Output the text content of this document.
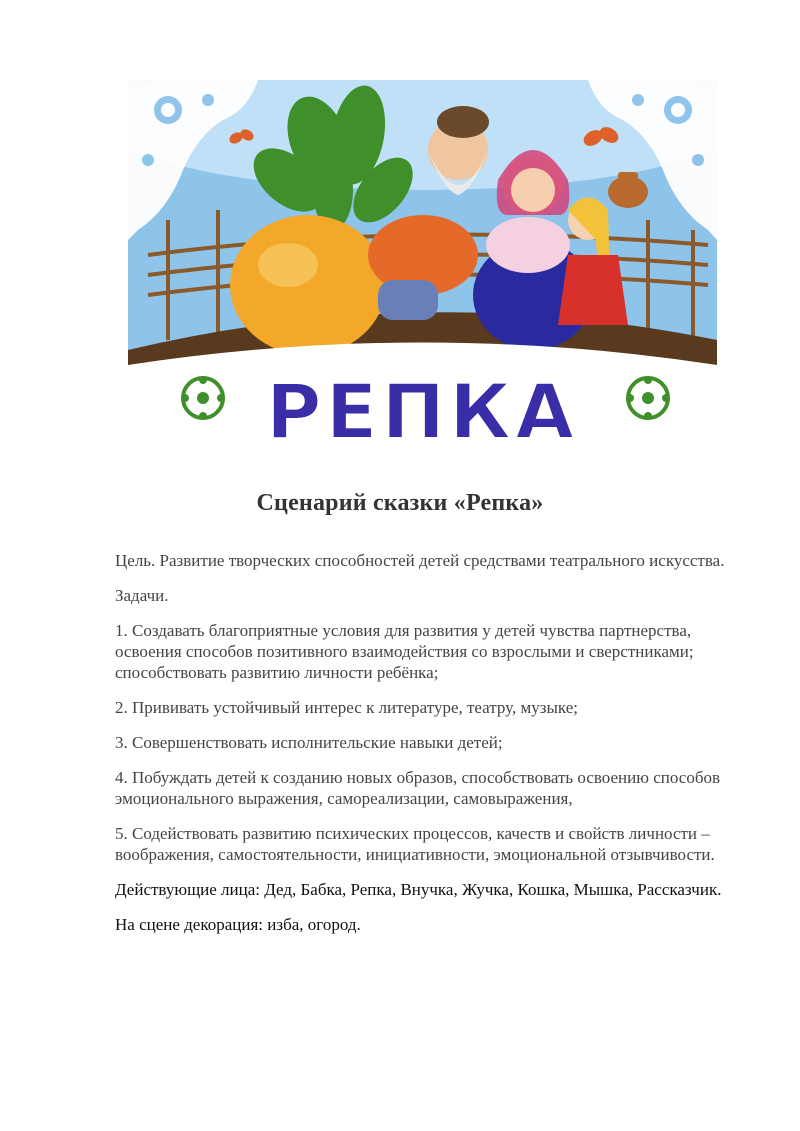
РЕПКА
Сценарий сказки «Репка»

Цель. Развитие творческих способностей детей средствами театрального искусства.

Задачи.

1. Создавать благоприятные условия для развития у детей чувства партнерства, освоения способов позитивного взаимодействия со взрослыми и сверстниками; способствовать развитию личности ребёнка;

2. Прививать устойчивый интерес к литературе, театру, музыке;

3. Совершенствовать исполнительские навыки детей;

4. Побуждать детей к созданию новых образов, способствовать освоению способов эмоционального выражения, самореализации, самовыражения,

5. Содействовать развитию психических процессов, качеств и свойств личности – воображения, самостоятельности, инициативности, эмоциональной отзывчивости.

Действующие лица: Дед, Бабка, Репка, Внучка, Жучка, Кошка, Мышка, Рассказчик.

На сцене декорация: изба, огород.
